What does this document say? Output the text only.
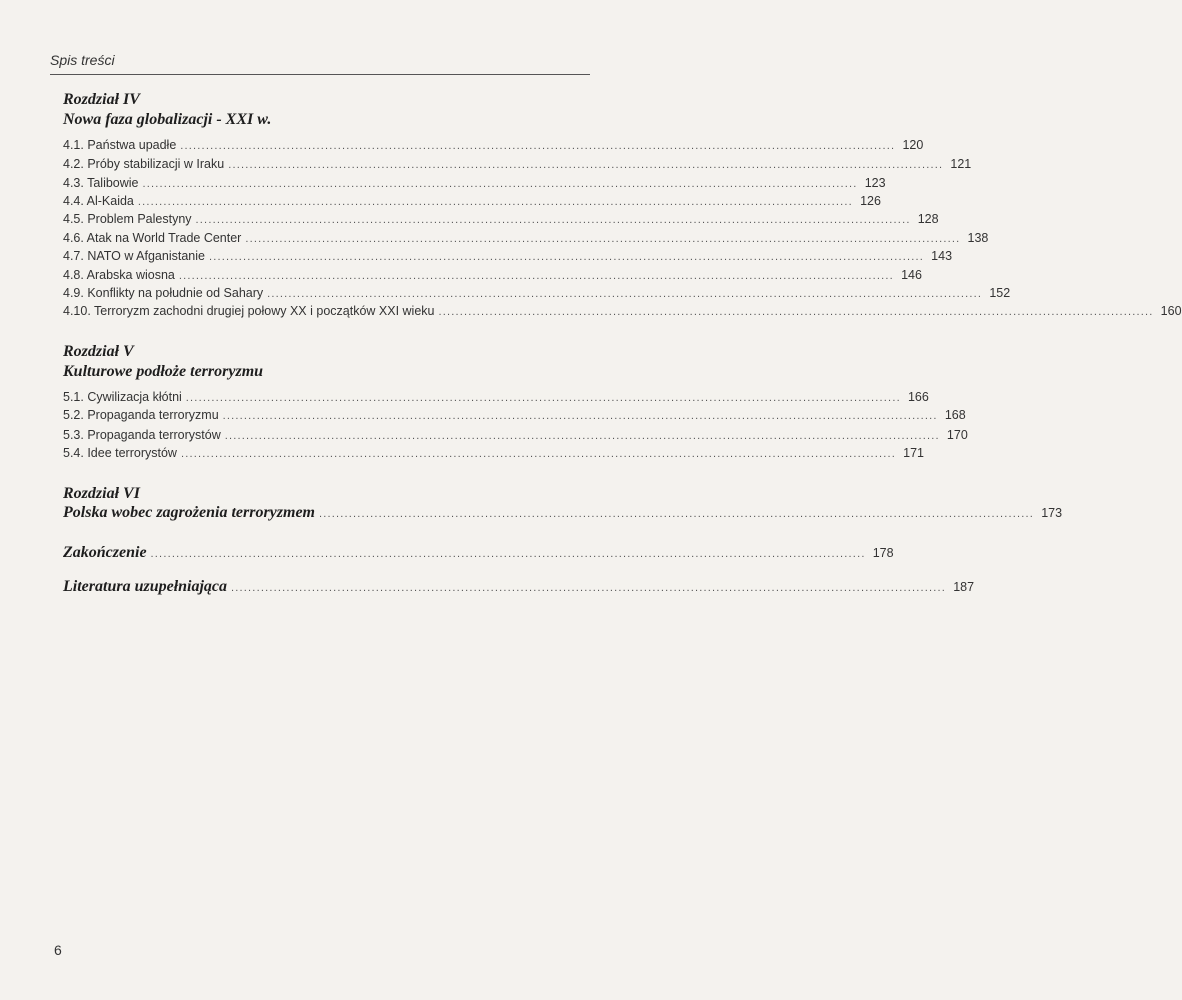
Spis treści
Rozdział IV
Nowa faza globalizacji - XXI w.
4.1. Państwa upadłe ........................................................................................................................................................................ 120
4.2. Próby stabilizacji w Iraku ........................................................................................................................................................................ 121
4.3. Talibowie ........................................................................................................................................................................ 123
4.4. Al-Kaida ........................................................................................................................................................................ 126
4.5. Problem Palestyny ........................................................................................................................................................................ 128
4.6. Atak na World Trade Center ........................................................................................................................................................................ 138
4.7. NATO w Afganistanie ........................................................................................................................................................................ 143
4.8. Arabska wiosna ........................................................................................................................................................................ 146
4.9. Konflikty na południe od Sahary ........................................................................................................................................................................ 152
4.10. Terroryzm zachodni drugiej połowy XX i początków XXI wieku ........................................................................................................................................................................ 160
Rozdział V
Kulturowe podłoże terroryzmu
5.1. Cywilizacja kłótni ........................................................................................................................................................................ 166
5.2. Propaganda terroryzmu ........................................................................................................................................................................ 168
5.3. Propaganda terrorystów ........................................................................................................................................................................ 170
5.4. Idee terrorystów ........................................................................................................................................................................ 171
Rozdział VI
Polska wobec zagrożenia terroryzmem ........................................................................................................................................................................ 173
Zakończenie ........................................................................................................................................................................ 178
Literatura uzupełniająca ........................................................................................................................................................................ 187
6
